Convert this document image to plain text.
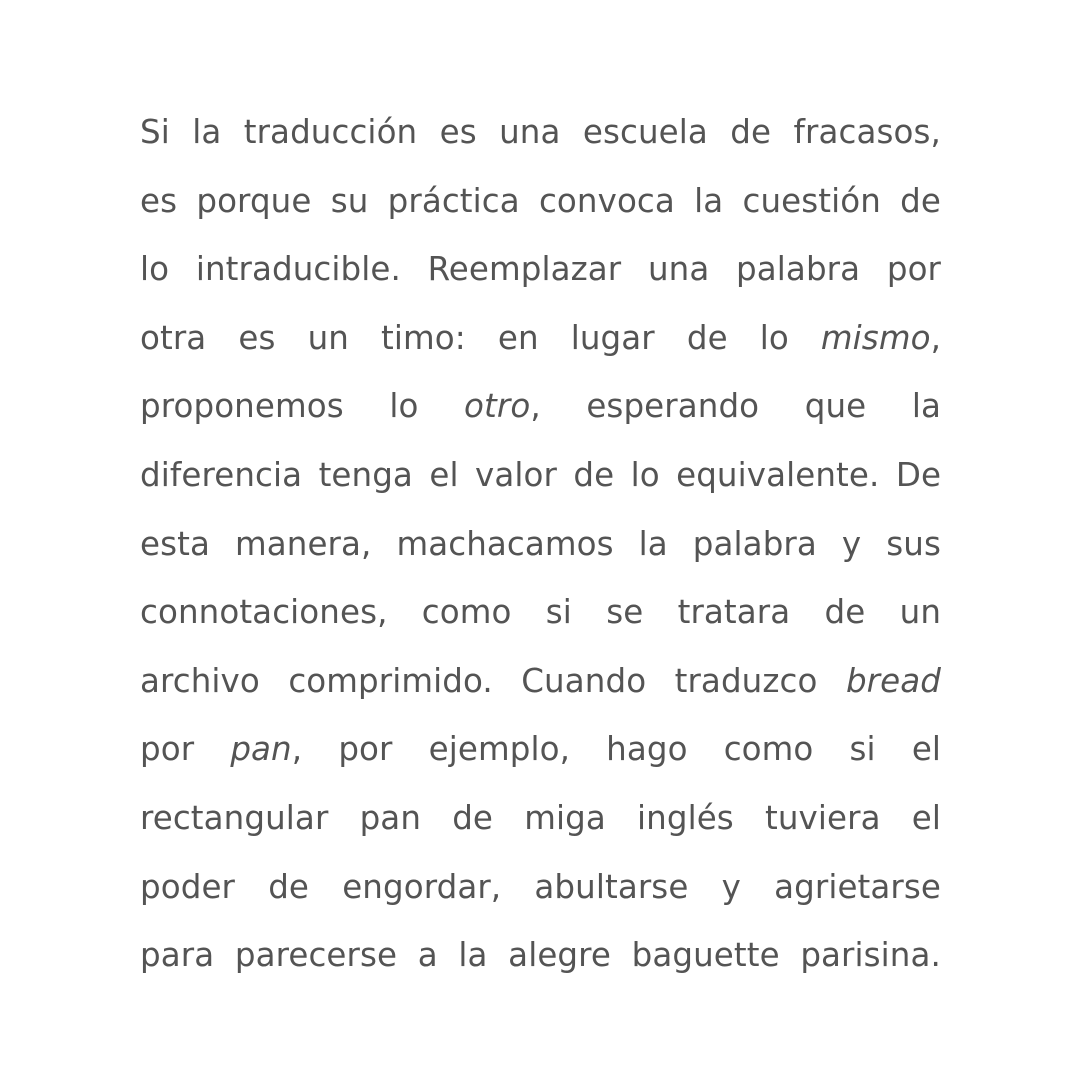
Si la traducción es una escuela de fracasos,
es porque su práctica convoca la cuestión de
lo intraducible. Reemplazar una palabra por
otra es un timo: en lugar de lo mismo,
proponemos lo otro, esperando que la
diferencia tenga el valor de lo equivalente. De
esta manera, machacamos la palabra y sus
connotaciones, como si se tratara de un
archivo comprimido. Cuando traduzco bread
por pan, por ejemplo, hago como si el
rectangular pan de miga inglés tuviera el
poder de engordar, abultarse y agrietarse
para parecerse a la alegre baguette parisina.
